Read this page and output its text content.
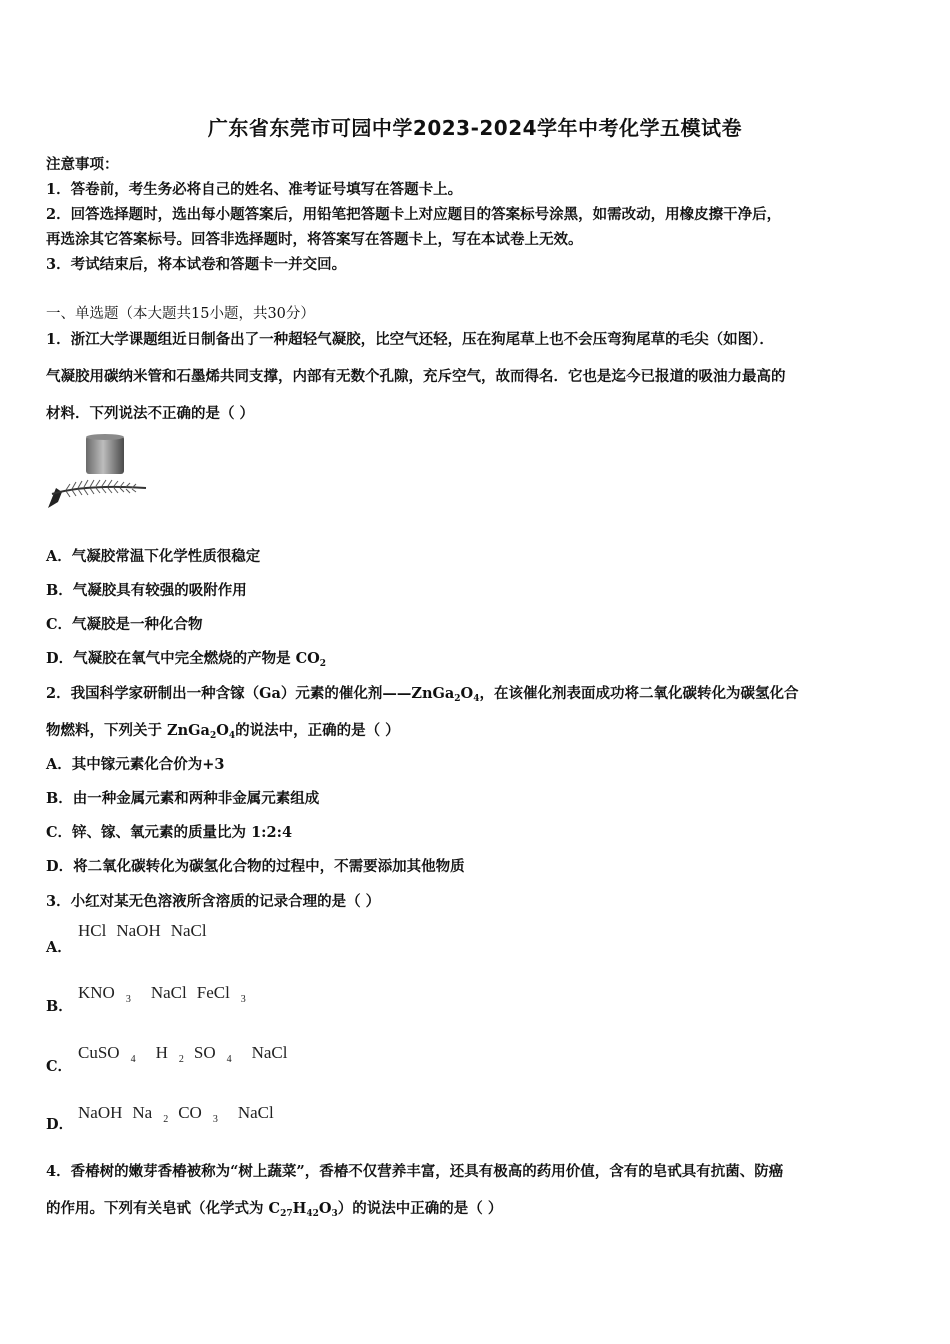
广东省东莞市可园中学2023-2024学年中考化学五模试卷
注意事项：
1．答卷前，考生务必将自己的姓名、准考证号填写在答题卡上。
2．回答选择题时，选出每小题答案后，用铅笔把答题卡上对应题目的答案标号涂黑，如需改动，用橡皮擦干净后，
再选涂其它答案标号。回答非选择题时，将答案写在答题卡上，写在本试卷上无效。
3．考试结束后，将本试卷和答题卡一并交回。
一、单选题（本大题共15小题，共30分）
1．浙江大学课题组近日制备出了一种超轻气凝胶，比空气还轻，压在狗尾草上也不会压弯狗尾草的毛尖（如图）．
气凝胶用碳纳米管和石墨烯共同支撑，内部有无数个孔隙，充斥空气，故而得名．它也是迄今已报道的吸油力最高的
材料．下列说法不正确的是（ ）
A．气凝胶常温下化学性质很稳定
B．气凝胶具有较强的吸附作用
C．气凝胶是一种化合物
D．气凝胶在氧气中完全燃烧的产物是 $CO_2$
2．我国科学家研制出一种含镓（Ga）元素的催化剂$——ZnGa_2O_4$，在该催化剂表面成功将二氧化碳转化为碳氢化合
物燃料，下列关于 $ZnGa_2O_4$的说法中，正确的是（ ）
A．其中镓元素化合价为+3
B．由一种金属元素和两种非金属元素组成
C．锌、镓、氧元素的质量比为 1:2:4
D．将二氧化碳转化为碳氢化合物的过程中，不需要添加其他物质
3．小红对某无色溶液所含溶质的记录合理的是（ ）
A．
HCl NaOH NaCl
B．
KNO $_3$ NaCl FeCl $_3$
C．
CuSO $_4$ H $_2$ SO $_4$ NaCl
D．
NaOH Na $_2$ CO $_3$ NaCl
4．香椿树的嫩芽香椿被称为“树上蔬菜”，香椿不仅营养丰富，还具有极高的药用价值，含有的皂甙具有抗菌、防癌
的作用。下列有关皂甙（化学式为 $C_{27}H_{42}O_3$）的说法中正确的是（ ）
